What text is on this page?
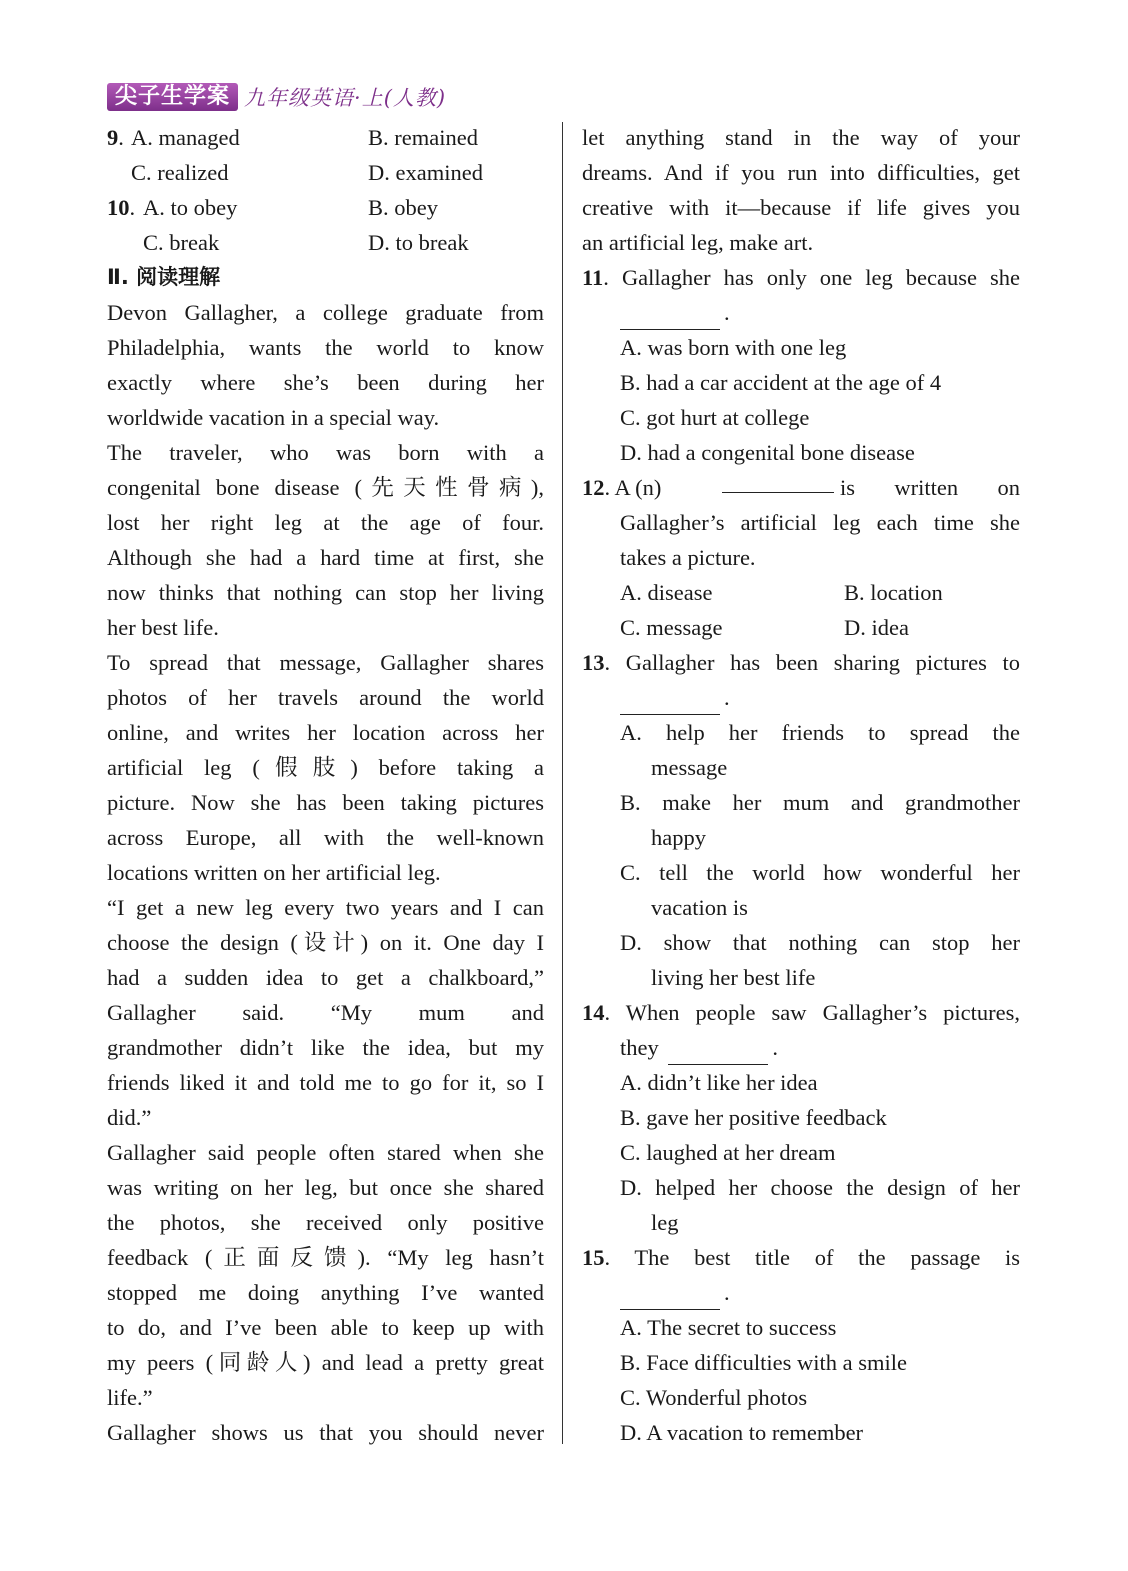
尖子生学案 九年级英语·上(人教)
9. A. managed	B. remained
C. realized	D. examined
10. A. to obey	B. obey
C. break	D. to break
Ⅱ. 阅读理解
Devon Gallagher, a college graduate from
Philadelphia, wants the world to know
exactly where she’s been during her
worldwide vacation in a special way.
The traveler, who was born with a
congenital bone disease (先天性骨病),
lost her right leg at the age of four.
Although she had a hard time at first, she
now thinks that nothing can stop her living
her best life.
To spread that message, Gallagher shares
photos of her travels around the world
online, and writes her location across her
artificial leg (假肢) before taking a
picture. Now she has been taking pictures
across Europe, all with the well-known
locations written on her artificial leg.
“I get a new leg every two years and I can
choose the design (设计) on it. One day I
had a sudden idea to get a chalkboard,”
Gallagher said. “My mum and
grandmother didn’t like the idea, but my
friends liked it and told me to go for it, so I
did.”
Gallagher said people often stared when she
was writing on her leg, but once she shared
the photos, she received only positive
feedback (正面反馈). “My leg hasn’t
stopped me doing anything I’ve wanted
to do, and I’ve been able to keep up with
my peers (同龄人) and lead a pretty great
life.”
Gallagher shows us that you should never
let anything stand in the way of your
dreams. And if you run into difficulties, get
creative with it—because if life gives you
an artificial leg, make art.
11. Gallagher has only one leg because she
.
A. was born with one leg
B. had a car accident at the age of 4
C. got hurt at college
D. had a congenital bone disease
12. A (n)	is written on
Gallagher’s artificial leg each time she
takes a picture.
A. disease	B. location
C. message	D. idea
13. Gallagher has been sharing pictures to
.
A. help her friends to spread the
message
B. make her mum and grandmother
happy
C. tell the world how wonderful her
vacation is
D. show that nothing can stop her
living her best life
14. When people saw Gallagher’s pictures,
they	.
A. didn’t like her idea
B. gave her positive feedback
C. laughed at her dream
D. helped her choose the design of her
leg
15. The best title of the passage is
.
A. The secret to success
B. Face difficulties with a smile
C. Wonderful photos
D. A vacation to remember
